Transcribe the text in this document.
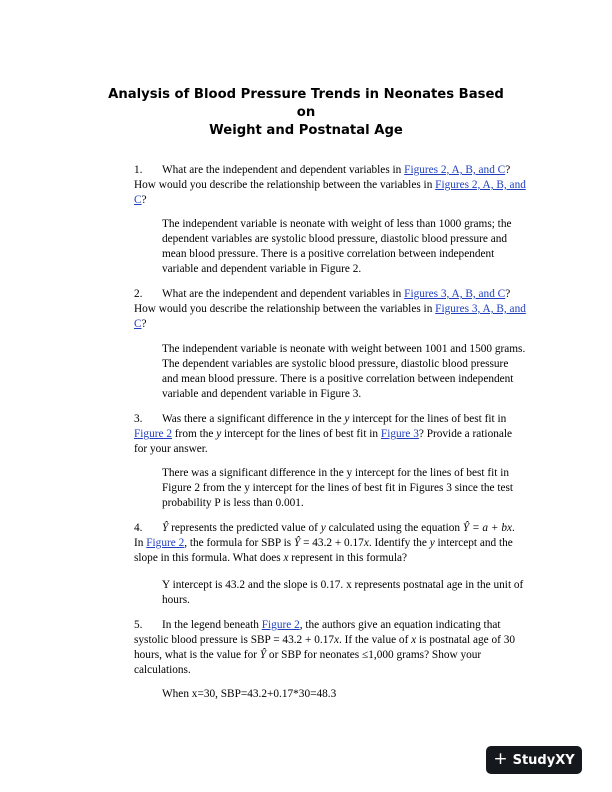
Analysis of Blood Pressure Trends in Neonates Based on
Weight and Postnatal Age
1. What are the independent and dependent variables in Figures 2, A, B, and C? How would you describe the relationship between the variables in Figures 2, A, B, and C?
The independent variable is neonate with weight of less than 1000 grams; the dependent variables are systolic blood pressure, diastolic blood pressure and mean blood pressure. There is a positive correlation between independent variable and dependent variable in Figure 2.
2. What are the independent and dependent variables in Figures 3, A, B, and C? How would you describe the relationship between the variables in Figures 3, A, B, and C?
The independent variable is neonate with weight between 1001 and 1500 grams. The dependent variables are systolic blood pressure, diastolic blood pressure and mean blood pressure. There is a positive correlation between independent variable and dependent variable in Figure 3.
3. Was there a significant difference in the y intercept for the lines of best fit in Figure 2 from the y intercept for the lines of best fit in Figure 3? Provide a rationale for your answer.
There was a significant difference in the y intercept for the lines of best fit in Figure 2 from the y intercept for the lines of best fit in Figures 3 since the test probability P is less than 0.001.
4. Ŷ represents the predicted value of y calculated using the equation Ŷ = a + bx. In Figure 2, the formula for SBP is Ŷ = 43.2 + 0.17x. Identify the y intercept and the slope in this formula. What does x represent in this formula?
Y intercept is 43.2 and the slope is 0.17. x represents postnatal age in the unit of hours.
5. In the legend beneath Figure 2, the authors give an equation indicating that systolic blood pressure is SBP = 43.2 + 0.17x. If the value of x is postnatal age of 30 hours, what is the value for Ŷ or SBP for neonates ≤1,000 grams? Show your calculations.
When x=30, SBP=43.2+0.17*30=48.3
+ StudyXY
